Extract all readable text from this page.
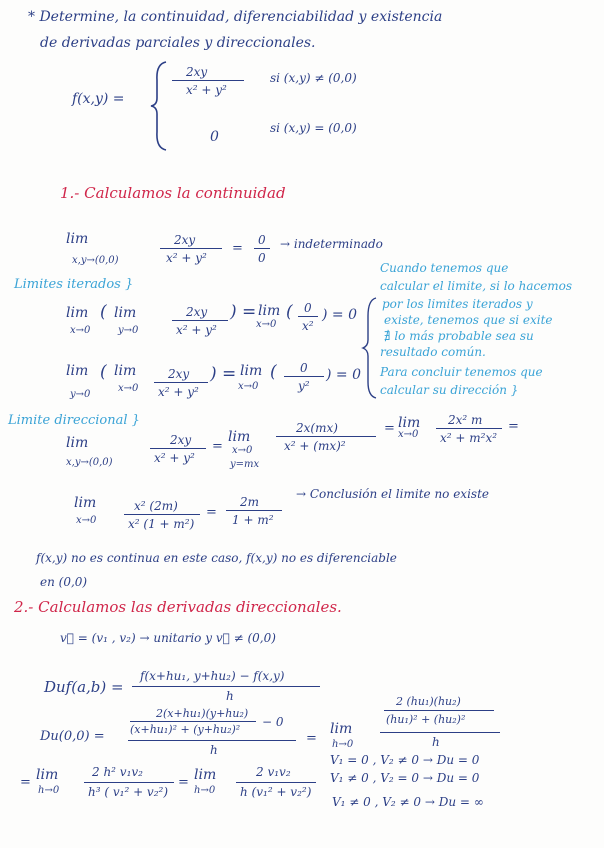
* Determine, la continuidad, diferenciabilidad y existencia
de derivadas parciales y direccionales.
f(x,y) =
2xy
x² + y²
si (x,y) ≠ (0,0)
0
si (x,y) = (0,0)
1.- Calculamos la continuidad
lim
x,y→(0,0)
2xy
x² + y²
=
0
0
→ indeterminado
Limites iterados }
lim
x→0
( lim
y→0
2xy
x² + y²
) = lim
x→0
( 0
x²
) = 0
lim
y→0
( lim
x→0
2xy
x² + y²
) = lim
x→0
( 0
y²
) = 0
Cuando tenemos que
calcular el limite, si lo hacemos
por los limites iterados y
existe, tenemos que si exite
∄ lo más probable sea su
resultado común.
Para concluir tenemos que
calcular su dirección }
Limite direccional }
lim
x,y→(0,0)
2xy
x² + y²
=
lim
x→0
y=mx
2x(mx)
x² + (mx)²
= lim
x→0
2x² m
x² + m²x²
=
lim
x→0
x² (2m)
x² (1 + m²)
=
2m
1 + m²
→ Conclusión el limite no existe
f(x,y) no es continua en este caso, f(x,y) no es diferenciable
en (0,0)
2.- Calculamos las derivadas direccionales.
v⃗ = (v₁ , v₂) → unitario y v⃗ ≠ (0,0)
Duf(a,b) =
f(x+hu₁, y+hu₂) − f(x,y)
h
Du(0,0) =
2(x+hu₁)(y+hu₂)
(x+hu₁)² + (y+hu₂)²
− 0
h
=
lim
h→0
2 (hu₁)(hu₂)
(hu₁)² + (hu₂)²
h
= lim
h→0
2 h² v₁v₂
h³ ( v₁² + v₂²)
= lim
h→0
2 v₁v₂
h (v₁² + v₂²)
V₁ = 0 , V₂ ≠ 0 → Du = 0
V₁ ≠ 0 , V₂ = 0 → Du = 0
V₁ ≠ 0 , V₂ ≠ 0 → Du = ∞
